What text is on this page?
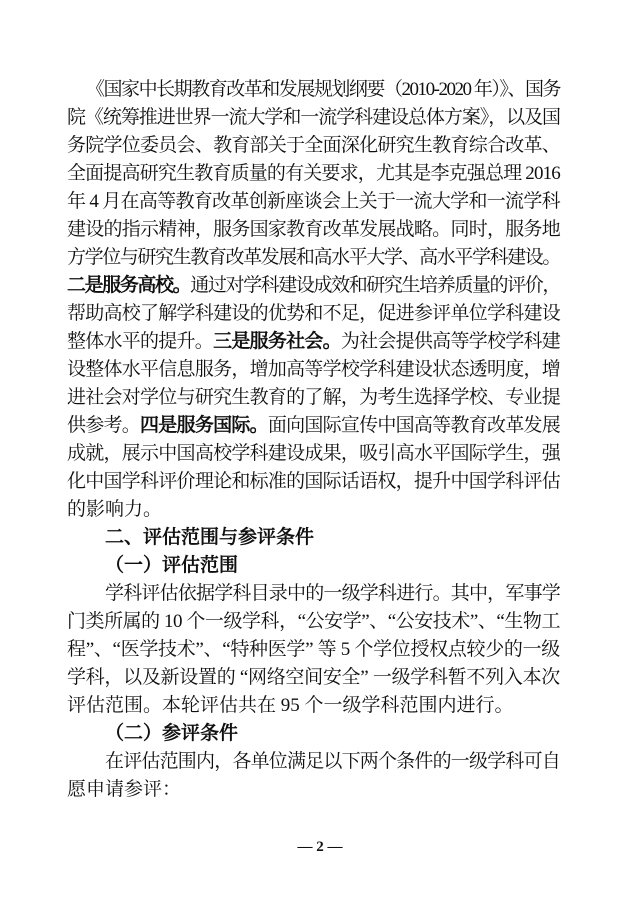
《国家中长期教育改革和发展规划纲要（2010-2020 年）》、国务
院《统筹推进世界一流大学和一流学科建设总体方案》，以及国
务院学位委员会、教育部关于全面深化研究生教育综合改革、
全面提高研究生教育质量的有关要求，尤其是李克强总理 2016
年 4 月在高等教育改革创新座谈会上关于一流大学和一流学科
建设的指示精神，服务国家教育改革发展战略。同时，服务地
方学位与研究生教育改革发展和高水平大学、高水平学科建设。
二是服务高校。通过对学科建设成效和研究生培养质量的评价，
帮助高校了解学科建设的优势和不足，促进参评单位学科建设
整体水平的提升。三是服务社会。为社会提供高等学校学科建
设整体水平信息服务，增加高等学校学科建设状态透明度，增
进社会对学位与研究生教育的了解，为考生选择学校、专业提
供参考。四是服务国际。面向国际宣传中国高等教育改革发展
成就，展示中国高校学科建设成果，吸引高水平国际学生，强
化中国学科评价理论和标准的国际话语权，提升中国学科评估
的影响力。
二、评估范围与参评条件
（一）评估范围
学科评估依据学科目录中的一级学科进行。其中，军事学
门类所属的 10 个一级学科，“公安学”、“公安技术”、“生物工
程”、“医学技术”、“特种医学” 等 5 个学位授权点较少的一级
学科，以及新设置的 “网络空间安全” 一级学科暂不列入本次
评估范围。本轮评估共在 95 个一级学科范围内进行。
（二）参评条件
在评估范围内，各单位满足以下两个条件的一级学科可自
愿申请参评：
— 2 —
